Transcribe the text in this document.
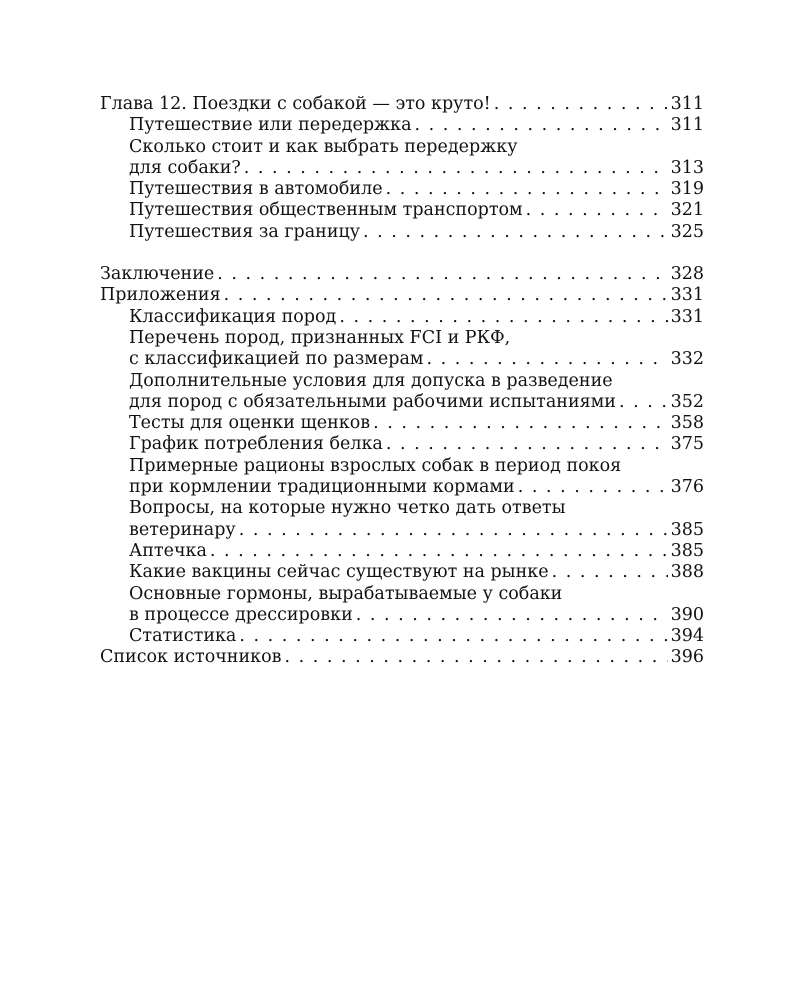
Глава 12. Поездки с собакой — это круто! . . .	311
Путешествие или передержка . . .	311
Сколько стоит и как выбрать передержку
для собаки? . . .	313
Путешествия в автомобиле . . .	319
Путешествия общественным транспортом . . .	321
Путешествия за границу . . .	325
Заключение . . .	328
Приложения . . .	331
Классификация пород . . .	331
Перечень пород, признанных FCI и РКФ,
с классификацией по размерам . . .	332
Дополнительные условия для допуска в разведение
для пород с обязательными рабочими испытаниями . . .	352
Тесты для оценки щенков . . .	358
График потребления белка . . .	375
Примерные рационы взрослых собак в период покоя
при кормлении традиционными кормами . . .	376
Вопросы, на которые нужно четко дать ответы
ветеринару . . .	385
Аптечка . . .	385
Какие вакцины сейчас существуют на рынке . . .	388
Основные гормоны, вырабатываемые у собаки
в процессе дрессировки . . .	390
Статистика . . .	394
Список источников . . .	396
